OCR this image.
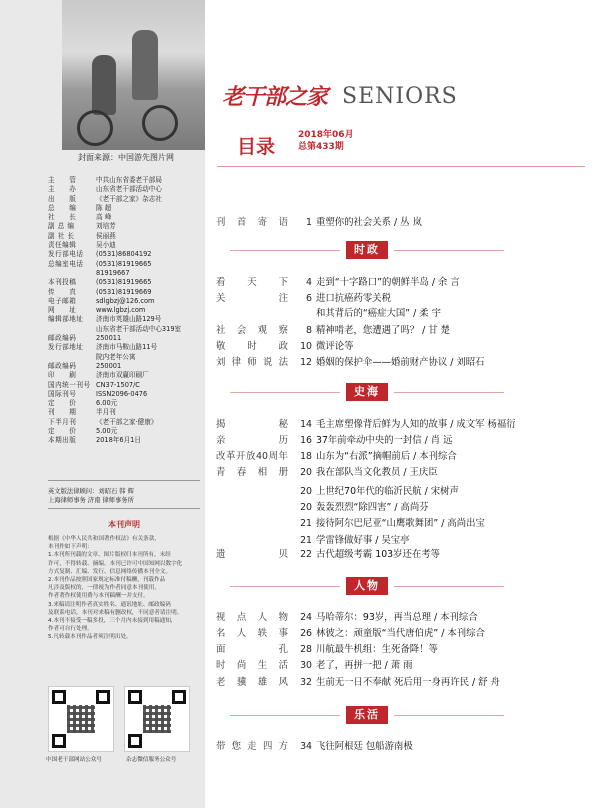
封面来源：中国游先图片网
主　　管	中共山东省委老干部局
主　　办	山东省老干部活动中心
出　　版	《老干部之家》杂志社
总　　编	陈 超
社　　长	高 峰
副 总 编	刘培芳
副 社 长	侯丽燕
责任编辑	吴小迪
发行部电话	(0531)86804192
总编室电话	(0531)81919665
81919667
本刊投稿	(0531)81919665
传　　真	(0531)81919669
电子邮箱	sdlgbzj@126.com
网　　址	www.lgbzj.com
编辑部地址	济南市英雄山路129号
山东省老干部活动中心319室
邮政编码	250011
发行部地址	济南市马鞍山路11号
院内老年公寓
邮政编码	250001
印　　刷	济南市双赢印刷厂
国内统一刊号 CN37-1507/C
国际刊号	ISSN2096-0476
定　　价	6.00元
刊　　期	半月刊
下半月刊	《老干部之家·健康》
定　　价	5.00元
本期出版	2018年6月1日
英文版法律顾问：刘昭石 韩 辉
上海律师事务 济南 律师事务所
本刊声明

根据《中华人民共和国著作权法》有关条款，

本刊作如下声明：

1.本刊所刊载的文章、图片版权归本刊所有，未经

许可，不得转载、摘编。本刊已许可中国知网以数字化

方式复制、汇编、发行、信息网络传播本刊全文。

2.本刊作品按照国家规定标准付稿酬，刊载作品

凡涉及版权的，一律视为作者同意本刊使用，

作者著作权使用费与本刊稿酬一并支付。

3.来稿请注明作者真实姓名、通讯地址、邮政编码

及联系电话，本刊对来稿有删改权，不同意者请注明。

4.本刊不接受一稿多投，三个月内未接到用稿通知，

作者可自行处理。

5.凡转载本刊作品者须注明出处。

中国老干部网站公众号	杂志微信服务公众号
老干部之家 SENIORS
目录
2018年06月
总第433期
时政
史海
人物
乐活
刊首寄语	1 重塑你的社会关系 / 丛 岚
看天下	4 走到“十字路口”的朝鲜半岛 / 余 言
关注	6 进口抗癌药零关税
和其背后的“癌症大国” / 柔 宇
社会观察	8 精神啃老，您遭遇了吗？ / 甘 楚
敬时政	10 微评论等
刘律师说法	12 婚姻的保护伞——婚前财产协议 / 刘昭石
揭秘	14 毛主席塑像背后鲜为人知的故事 / 成文军 杨福衍
亲历	16 37年前牵动中央的一封信 / 肖 远
改革开放40周年	18 山东为“右派”摘帽前后 / 本刊综合
青春相册	20 我在部队当文化教员 / 王庆臣
20 上世纪70年代的临沂民航 / 宋树声
20 轰轰烈烈“除四害” / 高尚芬
21 接待阿尔巴尼亚“山鹰歌舞团” / 高尚出宝
21 学雷锋做好事 / 吴宝亭
遗贝	22 古代超级考霸 103岁还在考等
视点人物	24 马哈蒂尔：93岁，再当总理 / 本刊综合
名人轶事	26 林彼之：顽童版“当代唐伯虎” / 本刊综合
面孔	28 川航最牛机组：生死备降！等
时尚生活	30 老了，再拼一把 / 萧 雨
老骥雄风	32 生前无一日不奉献 死后用一身再许民 / 舒 舟
带您走四方	34 飞往阿根廷 包船游南极
